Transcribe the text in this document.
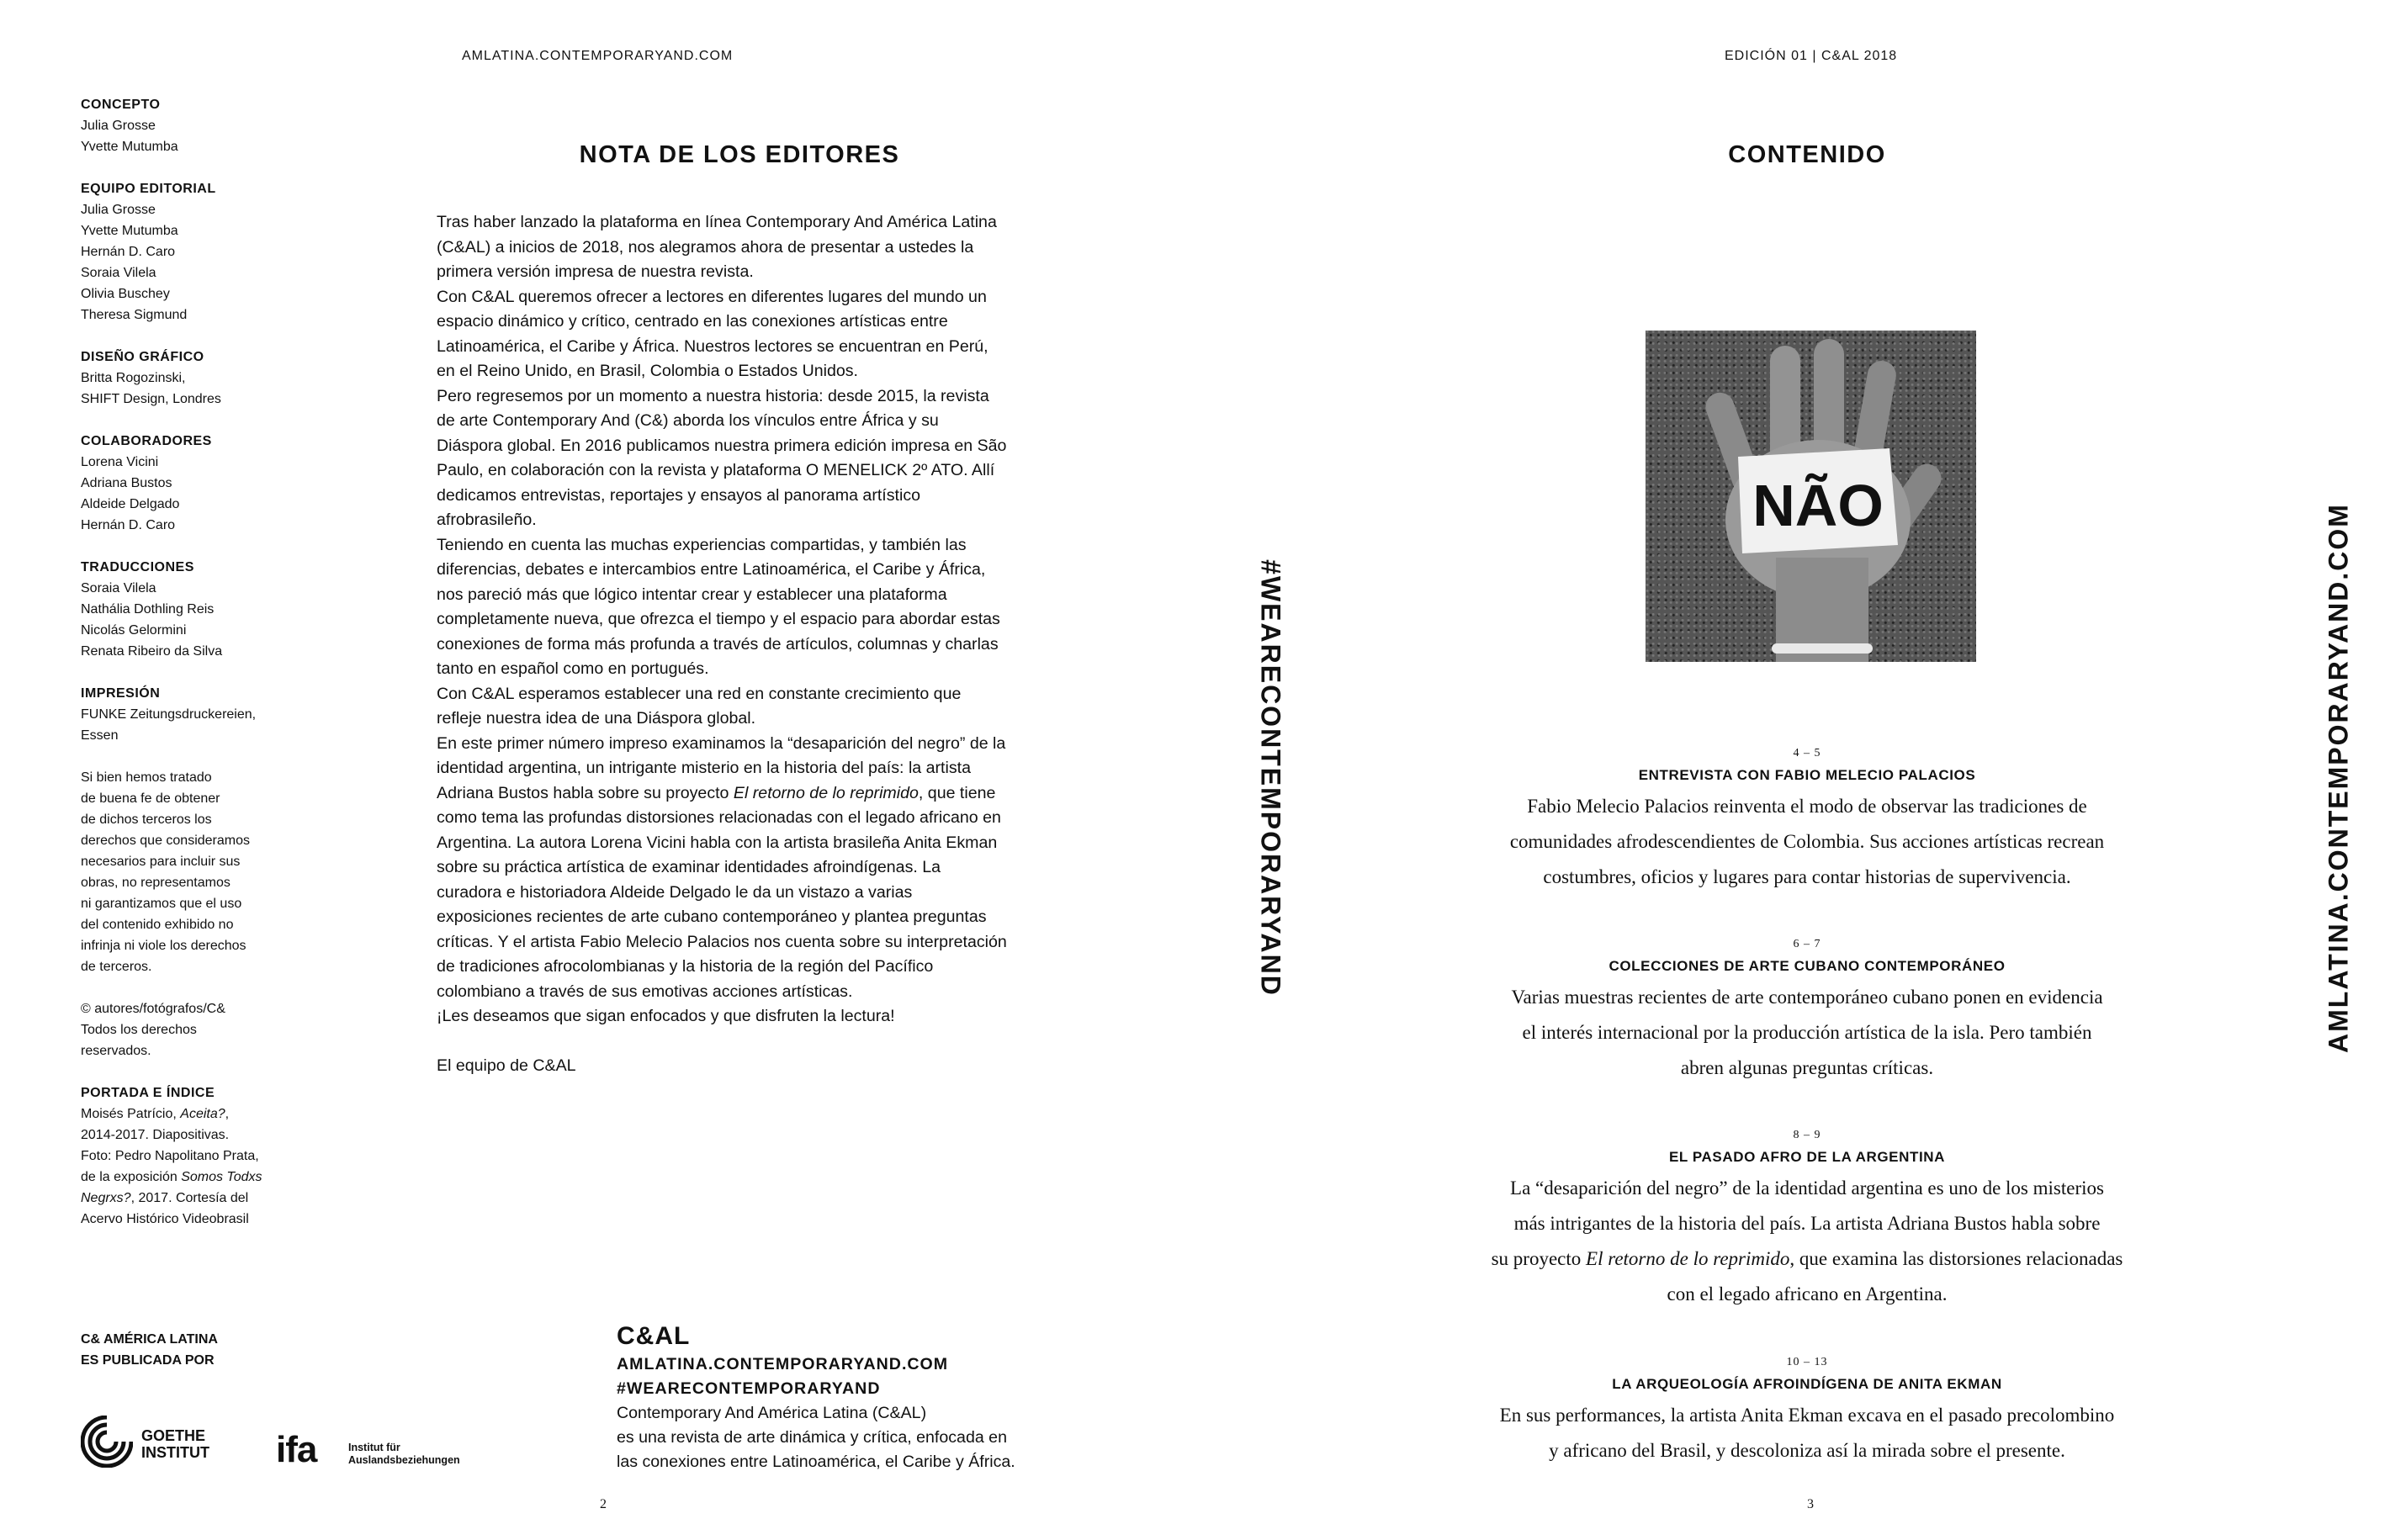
AMLATINA.CONTEMPORARYAND.COM	EDICIÓN 01 | C&AL 2018
CONCEPTO
Julia Grosse
Yvette Mutumba
EQUIPO EDITORIAL
Julia Grosse
Yvette Mutumba
Hernán D. Caro
Soraia Vilela
Olivia Buschey
Theresa Sigmund
DISEÑO GRÁFICO
Britta Rogozinski,
SHIFT Design, Londres
COLABORADORES
Lorena Vicini
Adriana Bustos
Aldeide Delgado
Hernán D. Caro
TRADUCCIONES
Soraia Vilela
Nathália Dothling Reis
Nicolás Gelormini
Renata Ribeiro da Silva
IMPRESIÓN
FUNKE Zeitungsdruckereien,
Essen
Si bien hemos tratado
de buena fe de obtener
de dichos terceros los
derechos que consideramos
necesarios para incluir sus
obras, no representamos
ni garantizamos que el uso
del contenido exhibido no
infrinja ni viole los derechos
de terceros.
© autores/fotógrafos/C&
Todos los derechos
reservados.
PORTADA E ÍNDICE
Moisés Patrício, Aceita?,
2014-2017. Diapositivas.
Foto: Pedro Napolitano Prata,
de la exposición Somos Todxs
Negrxs?, 2017. Cortesía del
Acervo Histórico Videobrasil
C& AMÉRICA LATINA
ES PUBLICADA POR
GOETHE
INSTITUT ifa	Institut für
Auslandsbeziehungen
NOTA DE LOS EDITORES

Tras haber lanzado la plataforma en línea Contemporary And América Latina (C&AL) a inicios de 2018, nos alegramos ahora de presentar a ustedes la primera versión impresa de nuestra revista.

Con C&AL queremos ofrecer a lectores en diferentes lugares del mundo un espacio dinámico y crítico, centrado en las conexiones artísticas entre Latinoamérica, el Caribe y África. Nuestros lectores se encuentran en Perú, en el Reino Unido, en Brasil, Colombia o Estados Unidos.

Pero regresemos por un momento a nuestra historia: desde 2015, la revista de arte Contemporary And (C&) aborda los vínculos entre África y su Diáspora global. En 2016 publicamos nuestra primera edición impresa en São Paulo, en colaboración con la revista y plataforma O MENELICK 2º ATO. Allí dedicamos entrevistas, reportajes y ensayos al panorama artístico afrobrasileño.

Teniendo en cuenta las muchas experiencias compartidas, y también las diferencias, debates e intercambios entre Latinoamérica, el Caribe y África, nos pareció más que lógico intentar crear y establecer una plataforma completamente nueva, que ofrezca el tiempo y el espacio para abordar estas conexiones de forma más profunda a través de artículos, columnas y charlas tanto en español como en portugués.

Con C&AL esperamos establecer una red en constante crecimiento que refleje nuestra idea de una Diáspora global.

En este primer número impreso examinamos la “desaparición del negro” de la identidad argentina, un intrigante misterio en la historia del país: la artista Adriana Bustos habla sobre su proyecto El retorno de lo reprimido, que tiene como tema las profundas distorsiones relacionadas con el legado africano en Argentina. La autora Lorena Vicini habla con la artista brasileña Anita Ekman sobre su práctica artística de examinar identidades afroindígenas. La curadora e historiadora Aldeide Delgado le da un vistazo a varias exposiciones recientes de arte cubano contemporáneo y plantea preguntas críticas. Y el artista Fabio Melecio Palacios nos cuenta sobre su interpretación de tradiciones afrocolombianas y la historia de la región del Pacífico colombiano a través de sus emotivas acciones artísticas.

¡Les deseamos que sigan enfocados y que disfruten la lectura!

El equipo de C&AL

#WEARECONTEMPORARYAND	AMLATINA.CONTEMPORARYAND.COM
C&AL
AMLATINA.CONTEMPORARYAND.COM
#WEARECONTEMPORARYAND
Contemporary And América Latina (C&AL)
es una revista de arte dinámica y crítica, enfocada en
las conexiones entre Latinoamérica, el Caribe y África.
2	3
CONTENIDO
NÃO
4 – 5
ENTREVISTA CON FABIO MELECIO PALACIOS
Fabio Melecio Palacios reinventa el modo de observar las tradiciones de
comunidades afrodescendientes de Colombia. Sus acciones artísticas recrean
costumbres, oficios y lugares para contar historias de supervivencia.
6 – 7
COLECCIONES DE ARTE CUBANO CONTEMPORÁNEO
Varias muestras recientes de arte contemporáneo cubano ponen en evidencia
el interés internacional por la producción artística de la isla. Pero también
abren algunas preguntas críticas.
8 – 9
EL PASADO AFRO DE LA ARGENTINA
La “desaparición del negro” de la identidad argentina es uno de los misterios
más intrigantes de la historia del país. La artista Adriana Bustos habla sobre
su proyecto El retorno de lo reprimido, que examina las distorsiones relacionadas
con el legado africano en Argentina.
10 – 13
LA ARQUEOLOGÍA AFROINDÍGENA DE ANITA EKMAN
En sus performances, la artista Anita Ekman excava en el pasado precolombino
y africano del Brasil, y descoloniza así la mirada sobre el presente.
